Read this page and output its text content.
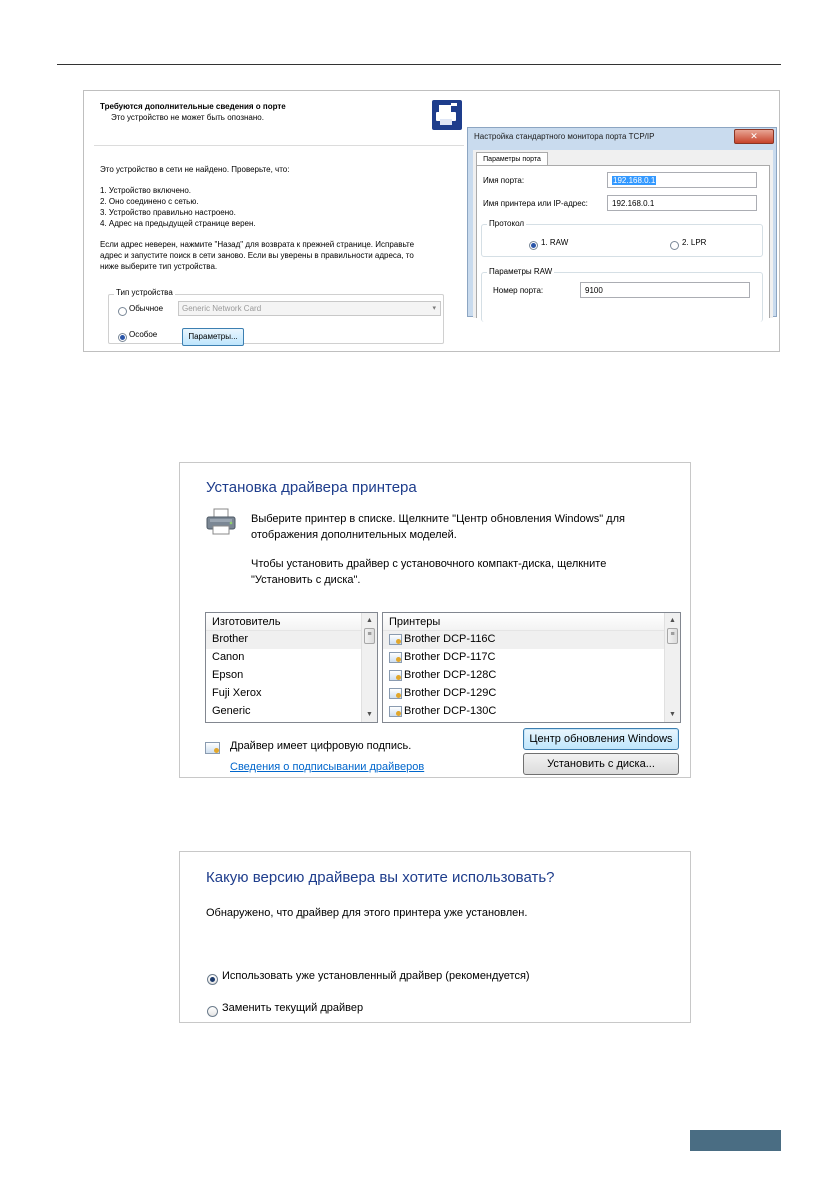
Требуются дополнительные сведения о порте
Это устройство не может быть опознано.
Это устройство в сети не найдено. Проверьте, что:
1. Устройство включено.
2. Оно соединено с сетью.
3. Устройство правильно настроено.
4. Адрес на предыдущей странице верен.
Если адрес неверен, нажмите "Назад" для возврата к прежней странице. Исправьте
адрес и запустите поиск в сети заново. Если вы уверены в правильности адреса, то
ниже выберите тип устройства.
Тип устройства
Обычное	Generic Network Card	▾
Особое	Параметры...
Настройка стандартного монитора порта TCP/IP	✕
Параметры порта
Имя порта:	192.168.0.1
Имя принтера или IP-адрес:	192.168.0.1
Протокол
1. RAW	2. LPR
Параметры RAW
Номер порта:	9100
Установка драйвера принтера
Выберите принтер в списке. Щелкните "Центр обновления Windows" для
отображения дополнительных моделей.
Чтобы установить драйвер с установочного компакт-диска, щелкните
"Установить с диска".
Изготовитель
Brother
Canon
Epson
Fuji Xerox
Generic
▲
≡
▼
Принтеры
Brother DCP-116C
Brother DCP-117C
Brother DCP-128C
Brother DCP-129C
Brother DCP-130C
▲
≡
▼
Драйвер имеет цифровую подпись.
Сведения о подписывании драйверов
Центр обновления Windows
Установить с диска...
Какую версию драйвера вы хотите использовать?
Обнаружено, что драйвер для этого принтера уже установлен.
Использовать уже установленный драйвер (рекомендуется)
Заменить текущий драйвер
